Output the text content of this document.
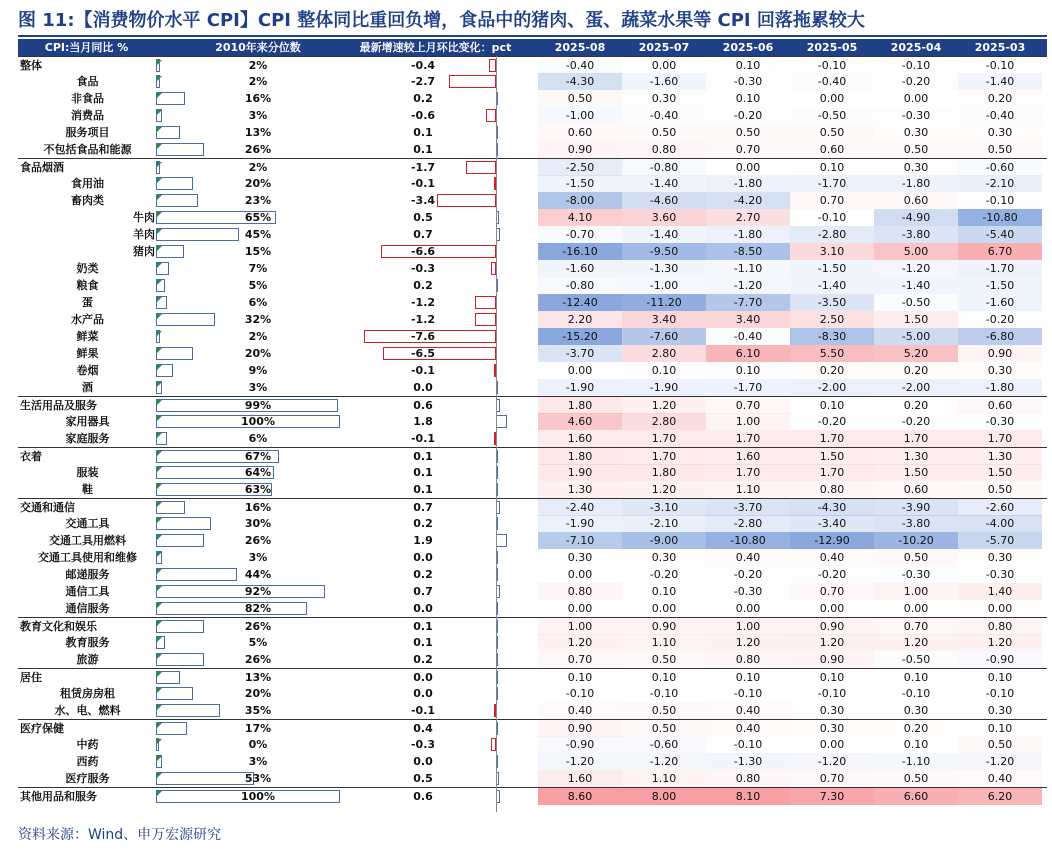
图 11:【消费物价水平 CPI】CPI 整体同比重回负增，食品中的猪肉、蛋、蔬菜水果等 CPI 回落拖累较大
CPI:当月同比 %	2010年来分位数	最新增速较上月环比变化：pct	2025-08	2025-07	2025-06	2025-05	2025-04	2025-03
整体	2%	-0.4	-0.40	0.00	0.10	-0.10	-0.10	-0.10
食品	2%	-2.7	-4.30	-1.60	-0.30	-0.40	-0.20	-1.40
非食品	16%	0.2	0.50	0.30	0.10	0.00	0.00	0.20
消费品	3%	-0.6	-1.00	-0.40	-0.20	-0.50	-0.30	-0.40
服务项目	13%	0.1	0.60	0.50	0.50	0.50	0.30	0.30
不包括食品和能源	26%	0.1	0.90	0.80	0.70	0.60	0.50	0.50
食品烟酒	2%	-1.7	-2.50	-0.80	0.00	0.10	0.30	-0.60
食用油	20%	-0.1	-1.50	-1.40	-1.80	-1.70	-1.80	-2.10
畜肉类	23%	-3.4	-8.00	-4.60	-4.20	0.70	0.60	-0.10
牛肉	65%	0.5	4.10	3.60	2.70	-0.10	-4.90	-10.80
羊肉	45%	0.7	-0.70	-1.40	-1.80	-2.80	-3.80	-5.40
猪肉	15%	-6.6	-16.10	-9.50	-8.50	3.10	5.00	6.70
奶类	7%	-0.3	-1.60	-1.30	-1.10	-1.50	-1.20	-1.70
粮食	5%	0.2	-0.80	-1.00	-1.20	-1.40	-1.40	-1.50
蛋	6%	-1.2	-12.40	-11.20	-7.70	-3.50	-0.50	-1.60
水产品	32%	-1.2	2.20	3.40	3.40	2.50	1.50	-0.20
鲜菜	2%	-7.6	-15.20	-7.60	-0.40	-8.30	-5.00	-6.80
鲜果	20%	-6.5	-3.70	2.80	6.10	5.50	5.20	0.90
卷烟	9%	-0.1	0.00	0.10	0.10	0.20	0.20	0.30
酒	3%	0.0	-1.90	-1.90	-1.70	-2.00	-2.00	-1.80
生活用品及服务	99%	0.6	1.80	1.20	0.70	0.10	0.20	0.60
家用器具	100%	1.8	4.60	2.80	1.00	-0.20	-0.20	-0.30
家庭服务	6%	-0.1	1.60	1.70	1.70	1.70	1.70	1.70
衣着	67%	0.1	1.80	1.70	1.60	1.50	1.30	1.30
服装	64%	0.1	1.90	1.80	1.70	1.70	1.50	1.50
鞋	63%	0.1	1.30	1.20	1.10	0.80	0.60	0.50
交通和通信	16%	0.7	-2.40	-3.10	-3.70	-4.30	-3.90	-2.60
交通工具	30%	0.2	-1.90	-2.10	-2.80	-3.40	-3.80	-4.00
交通工具用燃料	26%	1.9	-7.10	-9.00	-10.80	-12.90	-10.20	-5.70
交通工具使用和维修	3%	0.0	0.30	0.30	0.40	0.40	0.50	0.30
邮递服务	44%	0.2	0.00	-0.20	-0.20	-0.20	-0.30	-0.30
通信工具	92%	0.7	0.80	0.10	-0.30	0.70	1.00	1.40
通信服务	82%	0.0	0.00	0.00	0.00	0.00	0.00	0.00
教育文化和娱乐	26%	0.1	1.00	0.90	1.00	0.90	0.70	0.80
教育服务	5%	0.1	1.20	1.10	1.20	1.20	1.20	1.20
旅游	26%	0.2	0.70	0.50	0.80	0.90	-0.50	-0.90
居住	13%	0.0	0.10	0.10	0.10	0.10	0.10	0.10
租赁房房租	20%	0.0	-0.10	-0.10	-0.10	-0.10	-0.10	-0.10
水、电、燃料	35%	-0.1	0.40	0.50	0.40	0.30	0.30	0.30
医疗保健	17%	0.4	0.90	0.50	0.40	0.30	0.20	0.10
中药	0%	-0.3	-0.90	-0.60	-0.10	0.00	0.10	0.50
西药	3%	0.0	-1.20	-1.20	-1.30	-1.20	-1.10	-1.20
医疗服务	53%	0.5	1.60	1.10	0.80	0.70	0.50	0.40
其他用品和服务	100%	0.6	8.60	8.00	8.10	7.30	6.60	6.20
资料来源：Wind、申万宏源研究
